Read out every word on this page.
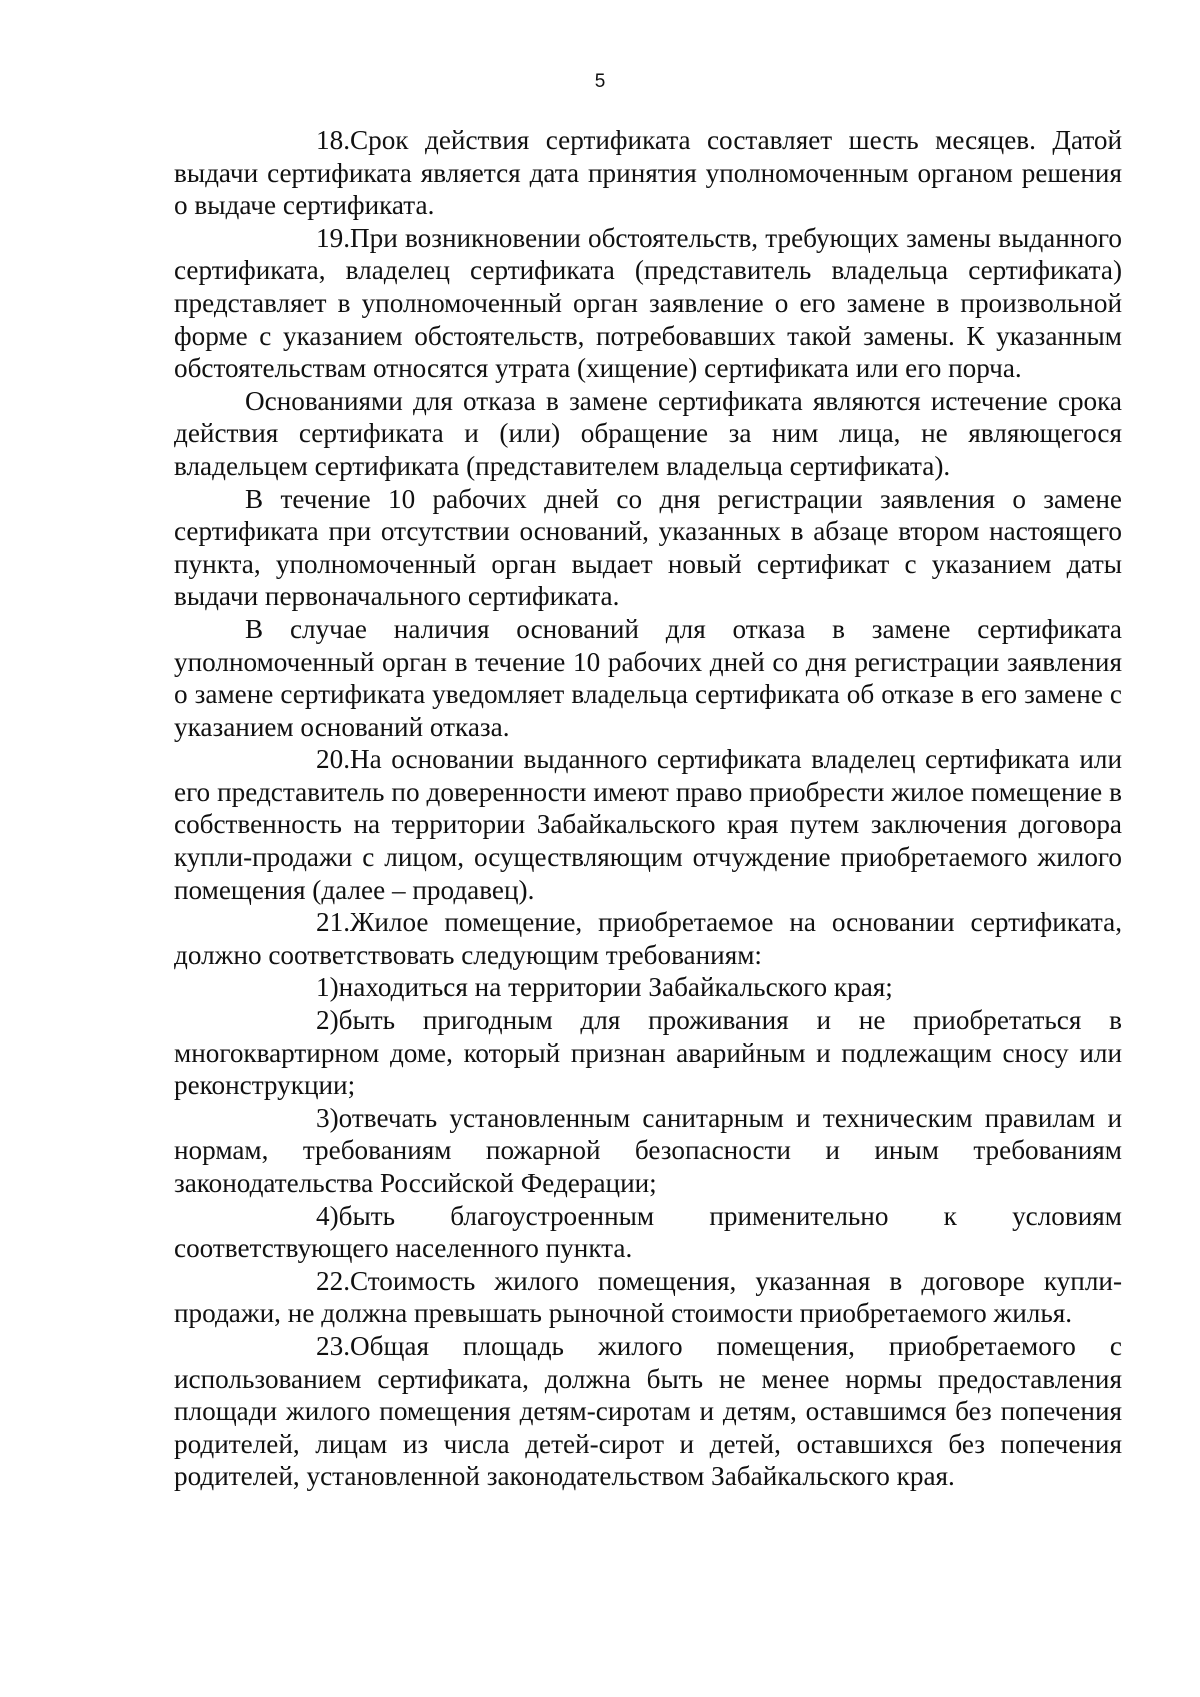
5

18.Срок действия сертификата составляет шесть месяцев. Датой выдачи сертификата является дата принятия уполномоченным органом решения о выдаче сертификата.

19.При возникновении обстоятельств, требующих замены выданного сертификата, владелец сертификата (представитель владельца сертификата) представляет в уполномоченный орган заявление о его замене в произвольной форме с указанием обстоятельств, потребовавших такой замены. К указанным обстоятельствам относятся утрата (хищение) сертификата или его порча.

Основаниями для отказа в замене сертификата являются истечение срока действия сертификата и (или) обращение за ним лица, не являющегося владельцем сертификата (представителем владельца сертификата).

В течение 10 рабочих дней со дня регистрации заявления о замене сертификата при отсутствии оснований, указанных в абзаце втором настоящего пункта, уполномоченный орган выдает новый сертификат с указанием даты выдачи первоначального сертификата.

В случае наличия оснований для отказа в замене сертификата уполномоченный орган в течение 10 рабочих дней со дня регистрации заявления о замене сертификата уведомляет владельца сертификата об отказе в его замене с указанием оснований отказа.

20.На основании выданного сертификата владелец сертификата или его представитель по доверенности имеют право приобрести жилое помещение в собственность на территории Забайкальского края путем заключения договора купли-продажи с лицом, осуществляющим отчуждение приобретаемого жилого помещения (далее – продавец).

21.Жилое помещение, приобретаемое на основании сертификата, должно соответствовать следующим требованиям:

1)находиться на территории Забайкальского края;

2)быть пригодным для проживания и не приобретаться в многоквартирном доме, который признан аварийным и подлежащим сносу или реконструкции;

3)отвечать установленным санитарным и техническим правилам и нормам, требованиям пожарной безопасности и иным требованиям законодательства Российской Федерации;

4)быть благоустроенным применительно к условиям соответствующего населенного пункта.

22.Стоимость жилого помещения, указанная в договоре купли-продажи, не должна превышать рыночной стоимости приобретаемого жилья.

23.Общая площадь жилого помещения, приобретаемого с использованием сертификата, должна быть не менее нормы предоставления площади жилого помещения детям-сиротам и детям, оставшимся без попечения родителей, лицам из числа детей-сирот и детей, оставшихся без попечения родителей, установленной законодательством Забайкальского края.
